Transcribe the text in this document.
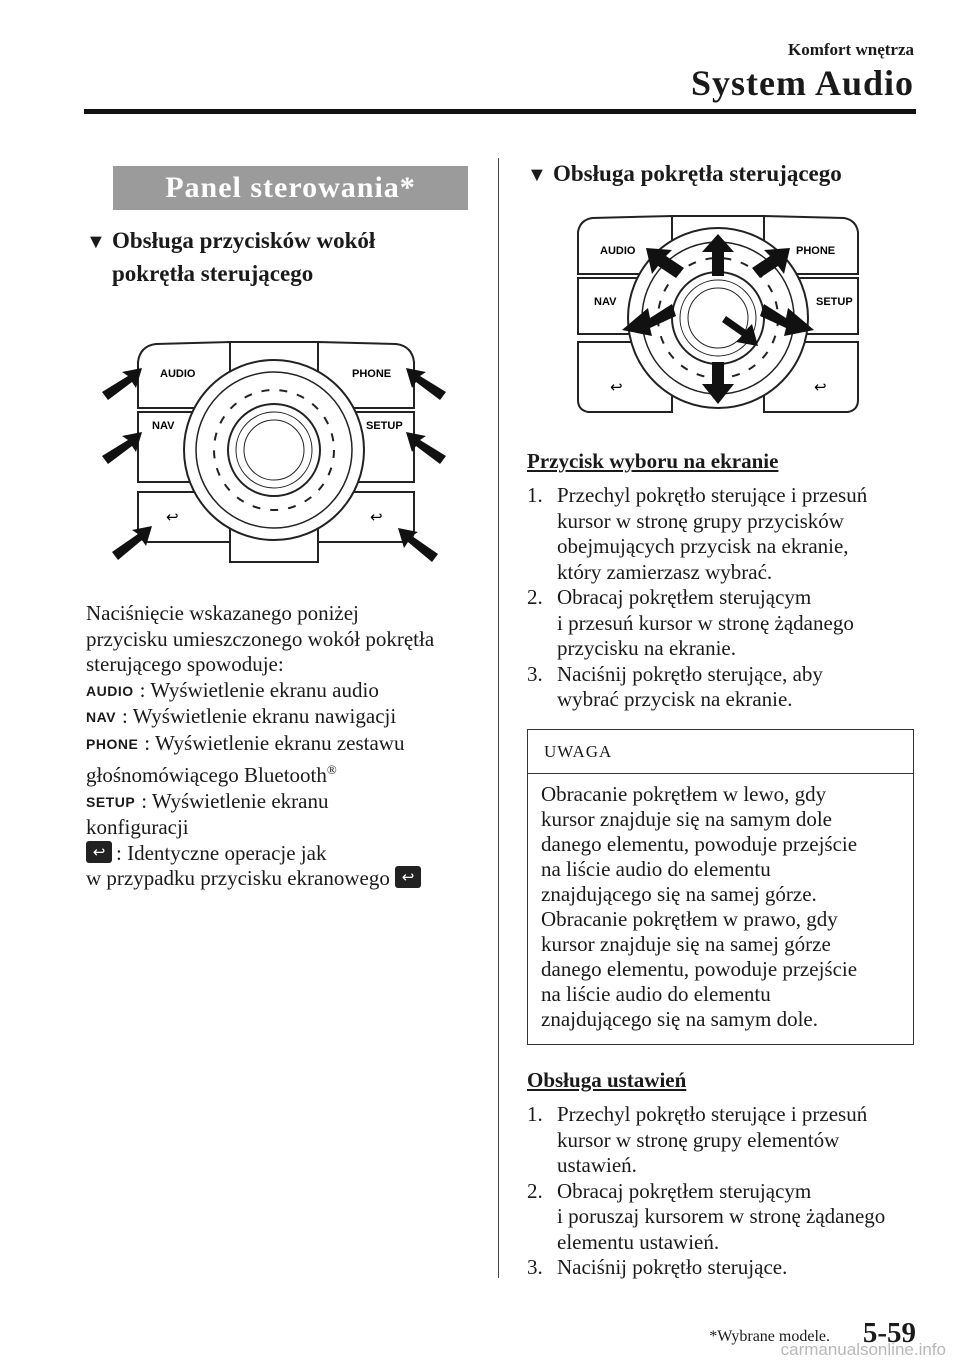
Komfort wnętrza
System Audio
Panel sterowania*
▼ Obsługa przycisków wokół
pokrętła sterującego
AUDIO	PHONE
NAV	SETUP
↩	↩
Naciśnięcie wskazanego poniżej
przycisku umieszczonego wokół pokrętła
sterującego spowoduje:
AUDIO : Wyświetlenie ekranu audio
NAV : Wyświetlenie ekranu nawigacji
PHONE : Wyświetlenie ekranu zestawu
głośnomówiącego Bluetooth®
SETUP : Wyświetlenie ekranu
konfiguracji
↩ : Identyczne operacje jak
w przypadku przycisku ekranowego ↩
▼ Obsługa pokrętła sterującego
AUDIO	PHONE
NAV	SETUP
↩	↩
Przycisk wyboru na ekranie
1. Przechyl pokrętło sterujące i przesuń
kursor w stronę grupy przycisków
obejmujących przycisk na ekranie,
który zamierzasz wybrać.
2. Obracaj pokrętłem sterującym
i przesuń kursor w stronę żądanego
przycisku na ekranie.
3. Naciśnij pokrętło sterujące, aby
wybrać przycisk na ekranie.
UWAGA
Obracanie pokrętłem w lewo, gdy
kursor znajduje się na samym dole
danego elementu, powoduje przejście
na liście audio do elementu
znajdującego się na samej górze.
Obracanie pokrętłem w prawo, gdy
kursor znajduje się na samej górze
danego elementu, powoduje przejście
na liście audio do elementu
znajdującego się na samym dole.
Obsługa ustawień
1. Przechyl pokrętło sterujące i przesuń
kursor w stronę grupy elementów
ustawień.
2. Obracaj pokrętłem sterującym
i poruszaj kursorem w stronę żądanego
elementu ustawień.
3. Naciśnij pokrętło sterujące.
*Wybrane modele. 5-59
carmanualsonline.info
